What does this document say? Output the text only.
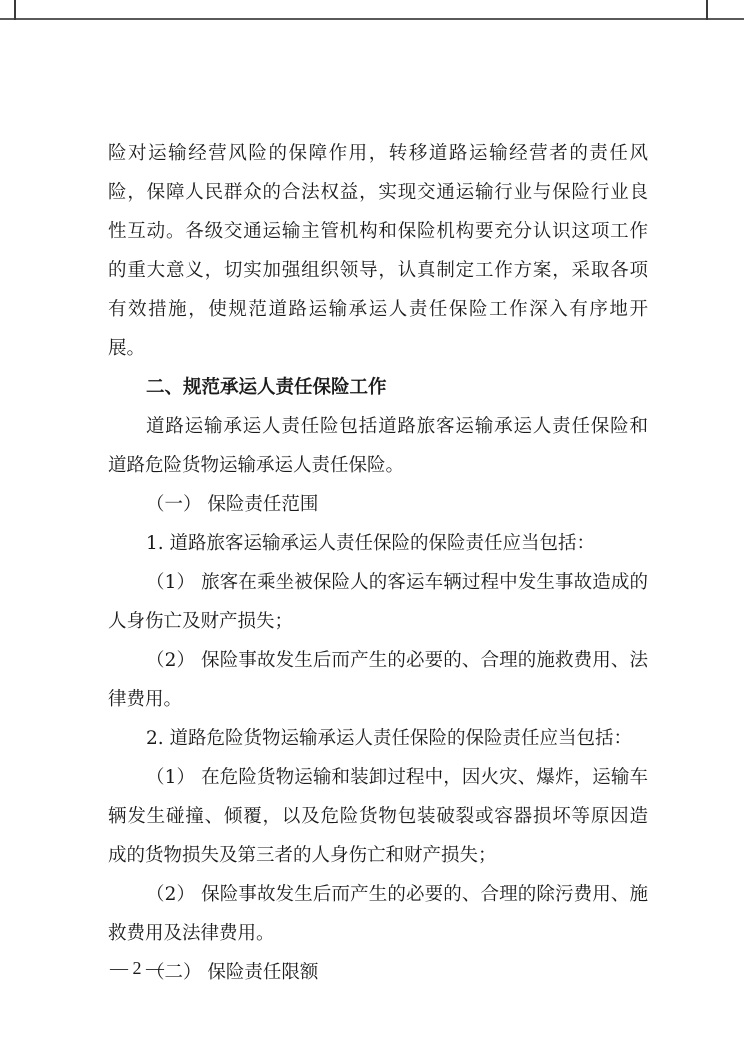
险对运输经营风险的保障作用，转移道路运输经营者的责任风
险，保障人民群众的合法权益，实现交通运输行业与保险行业良
性互动。各级交通运输主管机构和保险机构要充分认识这项工作
的重大意义，切实加强组织领导，认真制定工作方案，采取各项
有效措施，使规范道路运输承运人责任保险工作深入有序地开
展。
二、规范承运人责任保险工作
道路运输承运人责任险包括道路旅客运输承运人责任保险和
道路危险货物运输承运人责任保险。
（一） 保险责任范围
1. 道路旅客运输承运人责任保险的保险责任应当包括：
（1） 旅客在乘坐被保险人的客运车辆过程中发生事故造成的
人身伤亡及财产损失；
（2） 保险事故发生后而产生的必要的、合理的施救费用、法
律费用。
2. 道路危险货物运输承运人责任保险的保险责任应当包括：
（1） 在危险货物运输和装卸过程中，因火灾、爆炸，运输车
辆发生碰撞、倾覆，以及危险货物包装破裂或容器损坏等原因造
成的货物损失及第三者的人身伤亡和财产损失；
（2） 保险事故发生后而产生的必要的、合理的除污费用、施
救费用及法律费用。
（二） 保险责任限额
— 2 —
